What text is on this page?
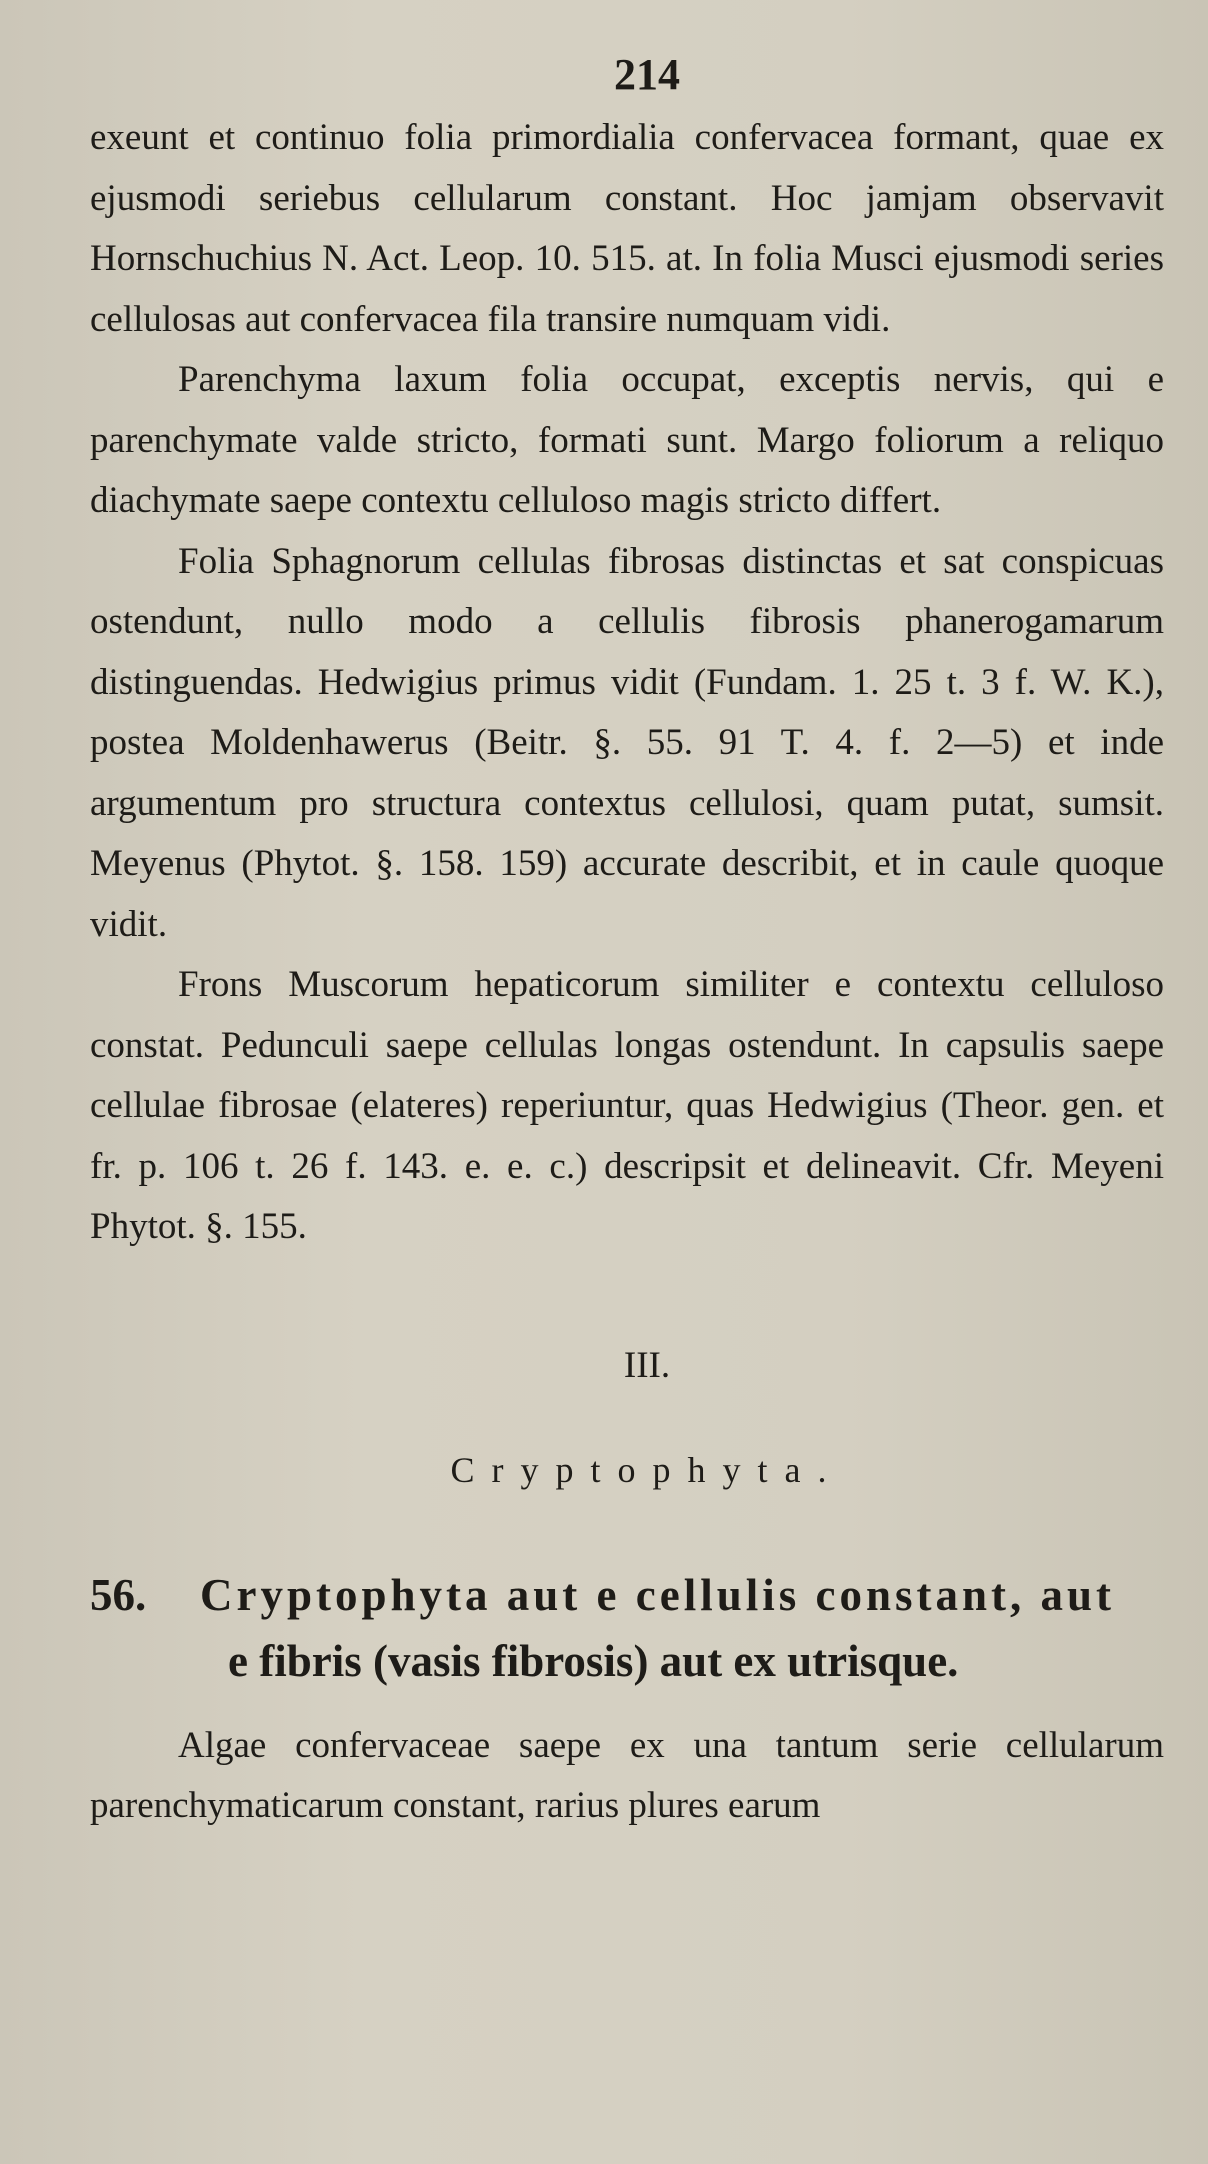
214

exeunt et continuo folia primordialia confervacea formant, quae ex ejusmodi seriebus cellularum constant. Hoc jamjam observavit Hornschuchius N. Act. Leop. 10. 515. at. In folia Musci ejusmodi series cellulosas aut confervacea fila transire numquam vidi.

Parenchyma laxum folia occupat, exceptis nervis, qui e parenchymate valde stricto, formati sunt. Margo foliorum a reliquo diachymate saepe contextu celluloso magis stricto differt.

Folia Sphagnorum cellulas fibrosas distinctas et sat conspicuas ostendunt, nullo modo a cellulis fibrosis phanerogamarum distinguendas. Hedwigius primus vidit (Fundam. 1. 25 t. 3 f. W. K.), postea Moldenhawerus (Beitr. §. 55. 91 T. 4. f. 2—5) et inde argumentum pro structura contextus cellulosi, quam putat, sumsit. Meyenus (Phytot. §. 158. 159) accurate describit, et in caule quoque vidit.

Frons Muscorum hepaticorum similiter e contextu celluloso constat. Pedunculi saepe cellulas longas ostendunt. In capsulis saepe cellulae fibrosae (elateres) reperiuntur, quas Hedwigius (Theor. gen. et fr. p. 106 t. 26 f. 143. e. e. c.) descripsit et delineavit. Cfr. Meyeni Phytot. §. 155.

III.
Cryptophyta.
56. Cryptophyta aut e cellulis constant, aut
e fibris (vasis fibrosis) aut ex utrisque.

Algae confervaceae saepe ex una tantum serie cellularum parenchymaticarum constant, rarius plures earum
